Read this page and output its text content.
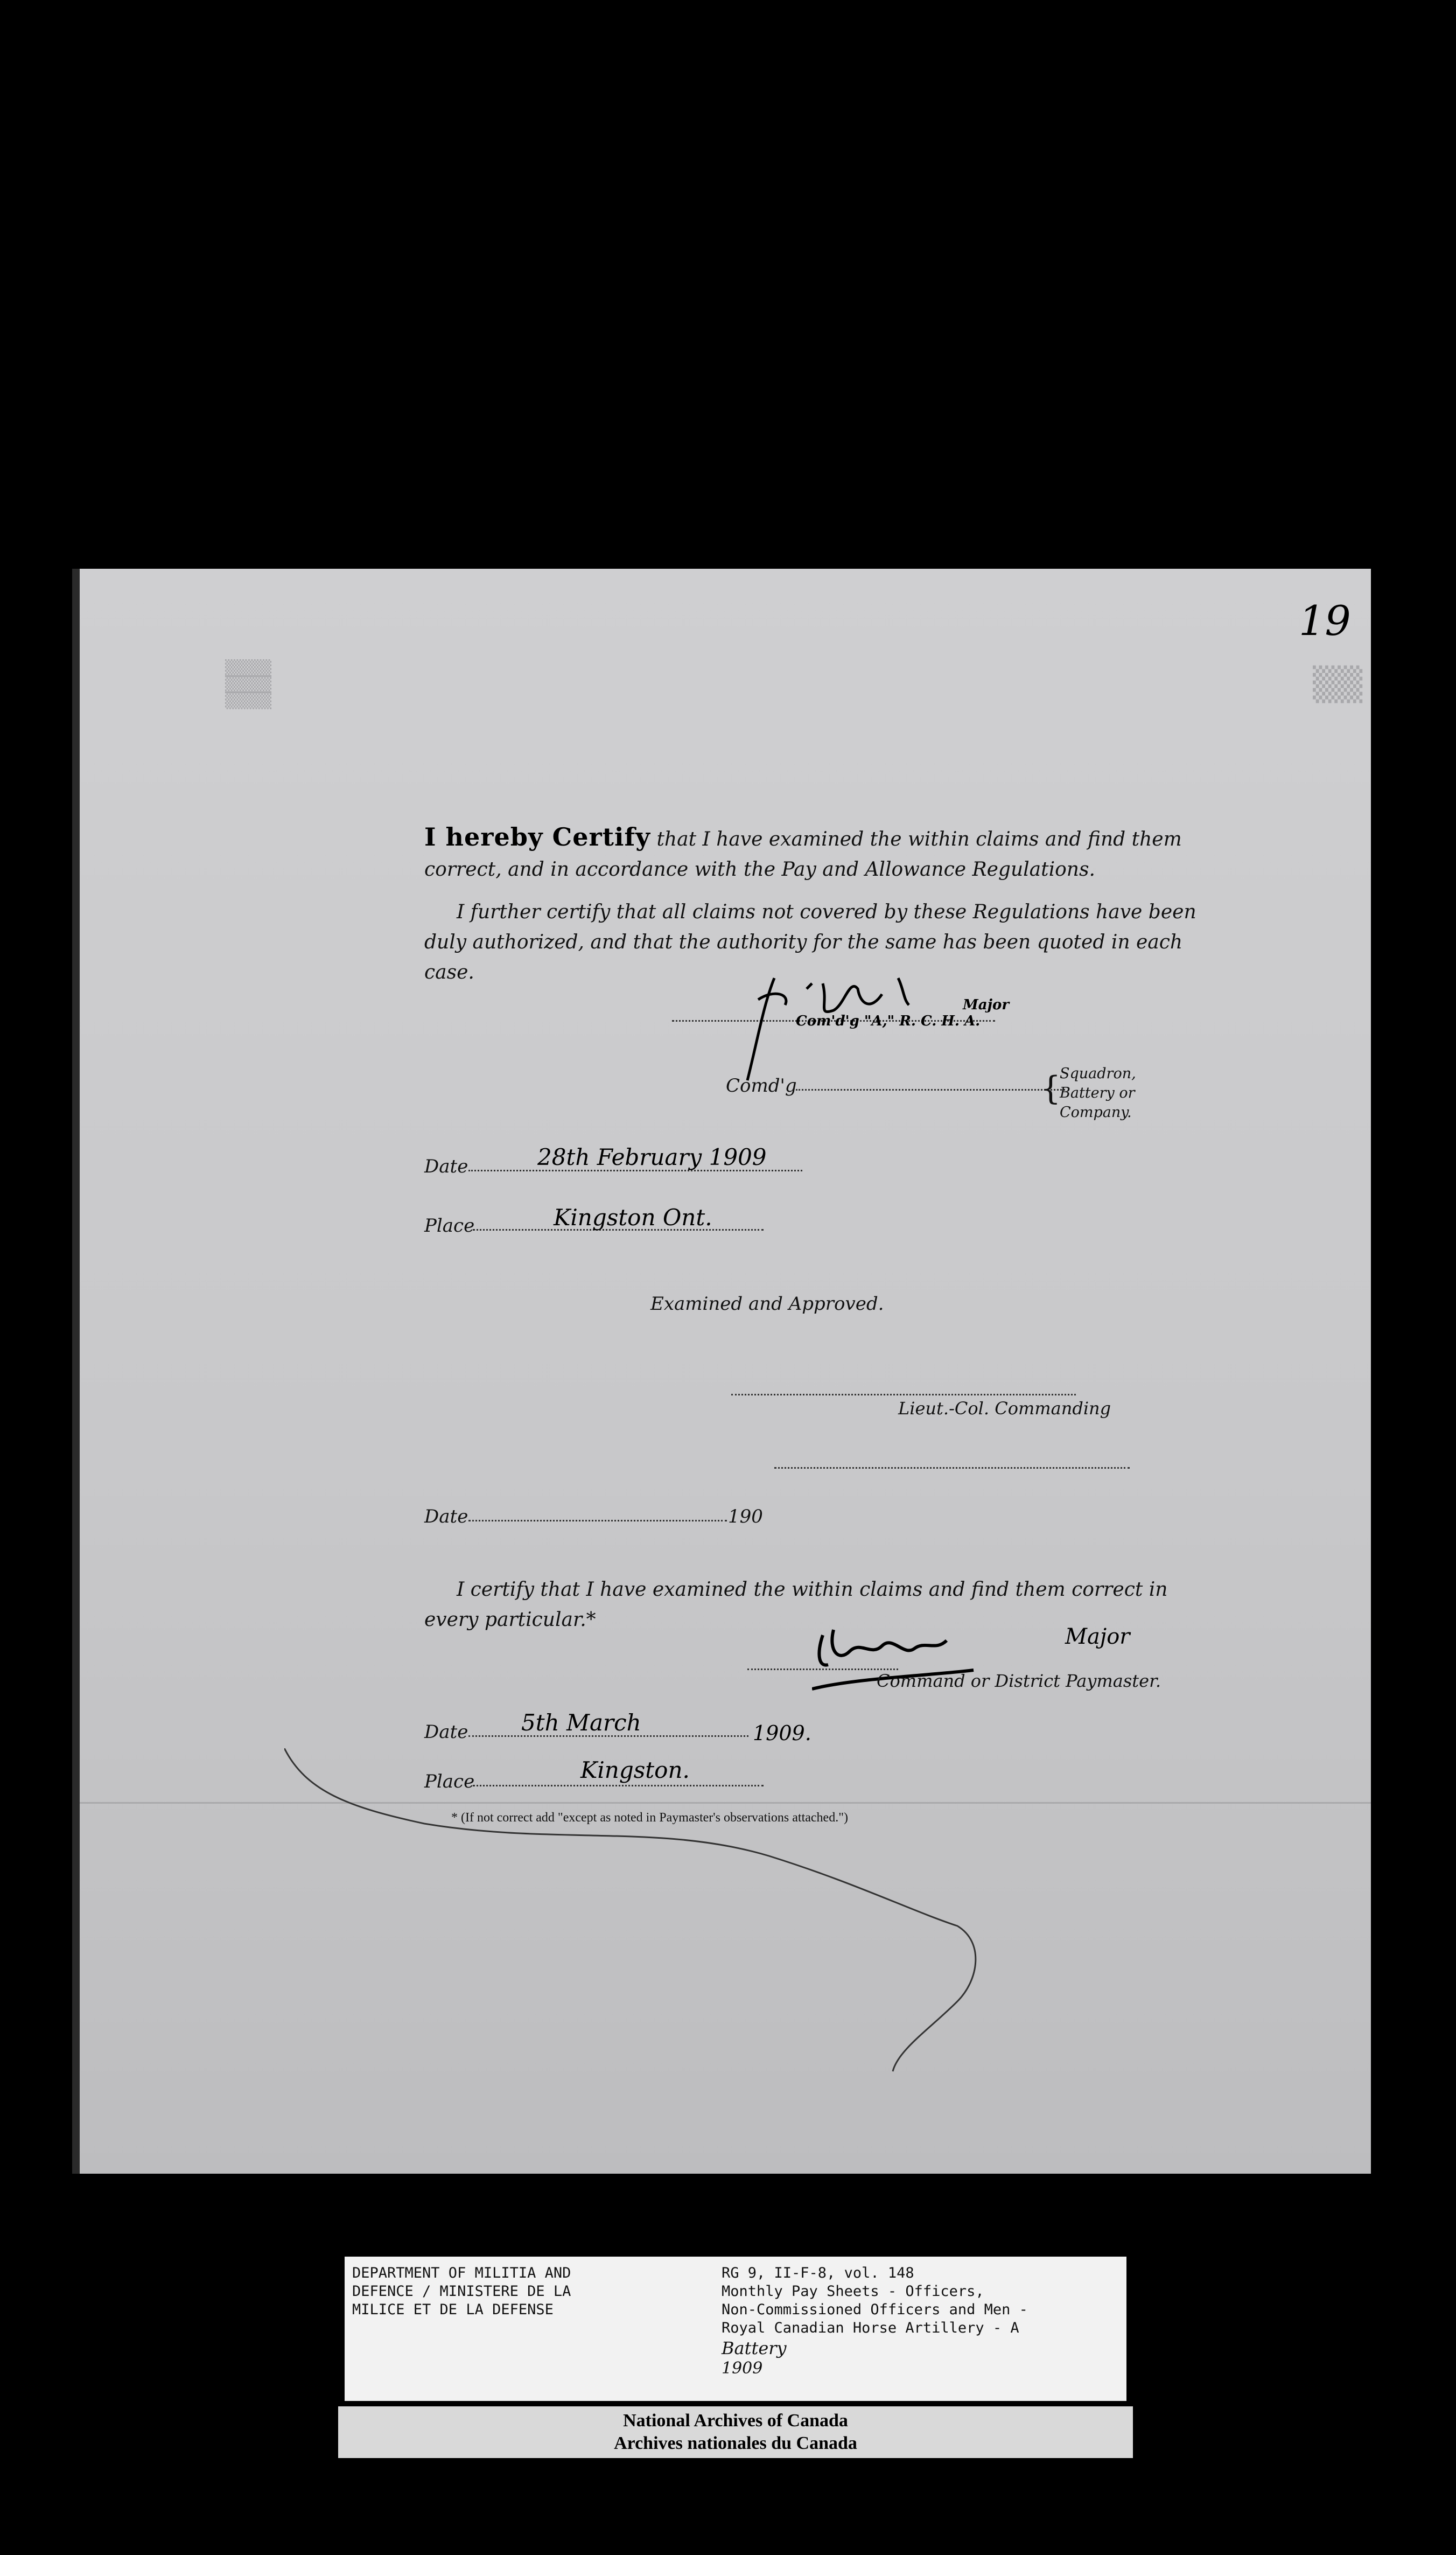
▒▒▒▒
▒▒▒▒
▒▒▒▒	▒▒
19
I hereby Certify that I have examined the within claims and find them
correct, and in accordance with the Pay and Allowance Regulations.
I further certify that all claims not covered by these Regulations have been
duly authorized, and that the authority for the same has been quoted in each
case.
Major
Com'd'g "A," R. C. H. A.
Comd'g	{
Squadron,
Battery or
Company.
Date	28th February 1909
Place	Kingston Ont.
Examined and Approved.
Lieut.-Col. Commanding
Date	190
I certify that I have examined the within claims and find them correct in
every particular.*
Major
Command or District Paymaster.
Date 5th March	1909.
Place	Kingston.
* (If not correct add "except as noted in Paymaster's observations attached.")
DEPARTMENT OF MILITIA AND
DEFENCE / MINISTERE DE LA
MILICE ET DE LA DEFENSE
RG 9, II-F-8, vol. 148
Monthly Pay Sheets - Officers,
Non-Commissioned Officers and Men -
Royal Canadian Horse Artillery - A
Battery
1909
National Archives of Canada
Archives nationales du Canada
